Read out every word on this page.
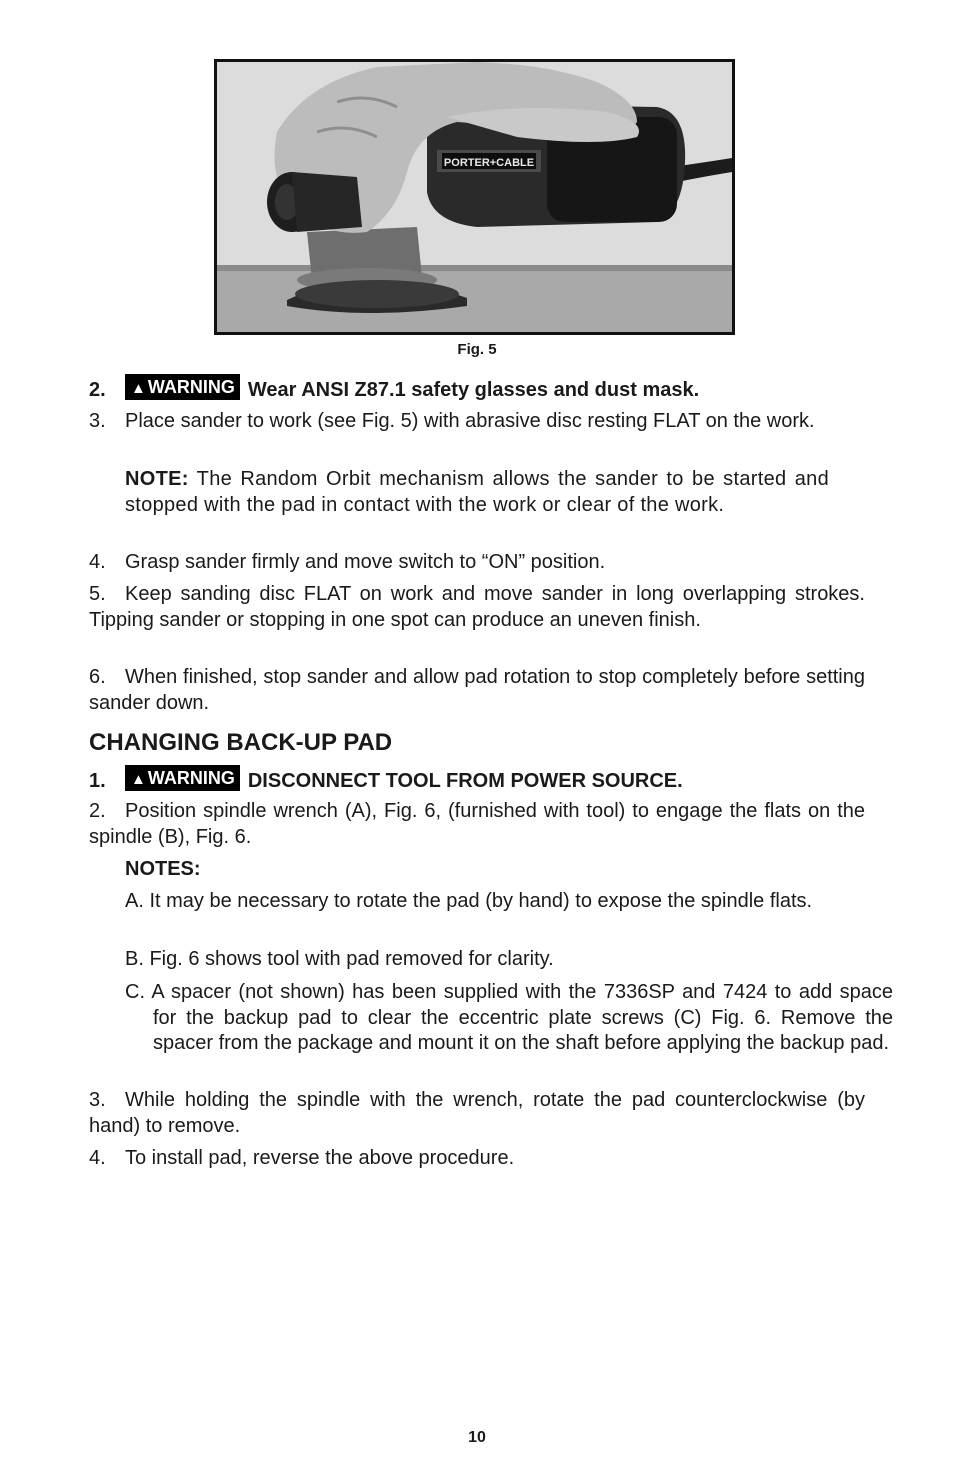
PORTER+CABLE
Fig. 5

2. ▲ WARNING Wear ANSI Z87.1 safety glasses and dust mask.

3. Place sander to work (see Fig. 5) with abrasive disc resting FLAT on the work.

NOTE: The Random Orbit mechanism allows the sander to be started and stopped with the pad in contact with the work or clear of the work.

4. Grasp sander firmly and move switch to “ON” position.

5. Keep sanding disc FLAT on work and move sander in long overlapping strokes. Tipping sander or stopping in one spot can produce an uneven finish.

6. When finished, stop sander and allow pad rotation to stop completely before setting sander down.

CHANGING BACK-UP PAD

1. ▲ WARNING DISCONNECT TOOL FROM POWER SOURCE.

2. Position spindle wrench (A), Fig. 6, (furnished with tool) to engage the flats on the spindle (B), Fig. 6.

NOTES:

A. It may be necessary to rotate the pad (by hand) to expose the spindle flats.

B. Fig. 6 shows tool with pad removed for clarity.

C. A spacer (not shown) has been supplied with the 7336SP and 7424 to add space for the backup pad to clear the eccentric plate screws (C) Fig. 6. Remove the spacer from the package and mount it on the shaft before applying the backup pad.

3. While holding the spindle with the wrench, rotate the pad counterclockwise (by hand) to remove.

4. To install pad, reverse the above procedure.

10
